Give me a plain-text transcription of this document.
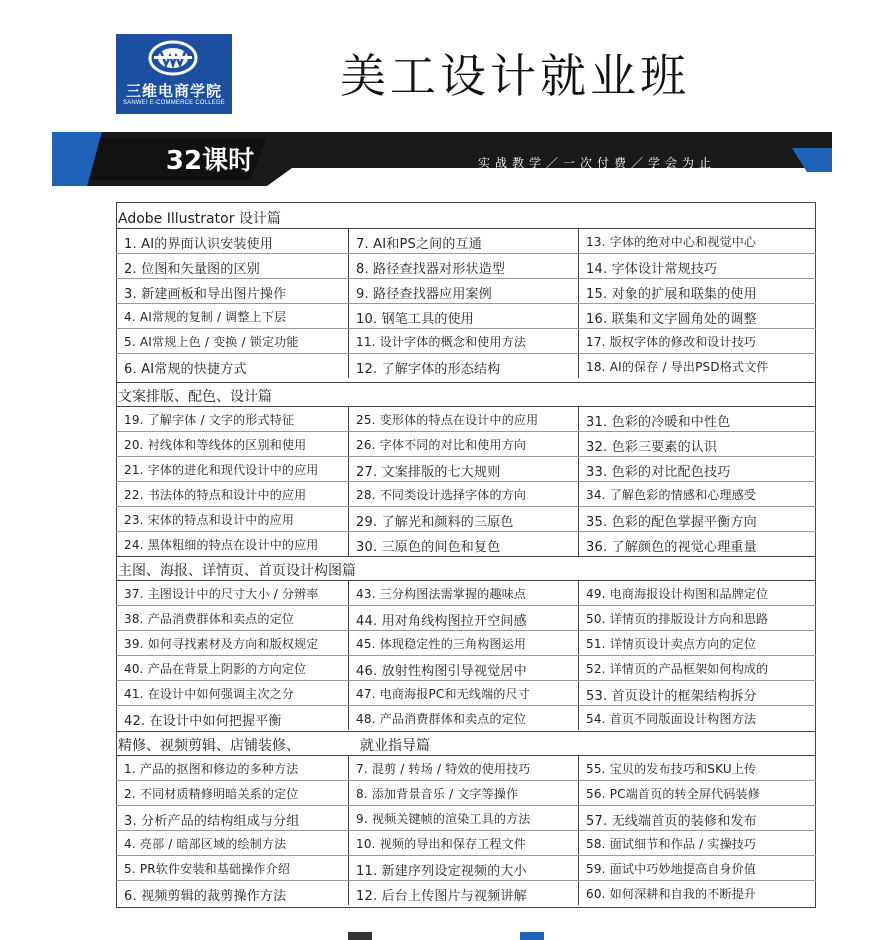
三维电商学院
SANWEI E-COMMERCE COLLEGE	美工设计就业班
32课时	实战教学／一次付费／学会为止
Adobe Illustrator 设计篇
1. AI的界面认识安装使用	7. AI和PS之间的互通	13. 字体的绝对中心和视觉中心
2. 位图和矢量图的区别	8. 路径查找器对形状造型	14. 字体设计常规技巧
3. 新建画板和导出图片操作	9. 路径查找器应用案例	15. 对象的扩展和联集的使用
4. AI常规的复制 / 调整上下层	10. 钢笔工具的使用	16. 联集和文字圆角处的调整
5. AI常规上色 / 变换 / 锁定功能	11. 设计字体的概念和使用方法	17. 版权字体的修改和设计技巧
6. AI常规的快捷方式	12. 了解字体的形态结构	18. AI的保存 / 导出PSD格式文件
文案排版、配色、设计篇
19. 了解字体 / 文字的形式特征	25. 变形体的特点在设计中的应用	31. 色彩的冷暖和中性色
20. 衬线体和等线体的区别和使用	26. 字体不同的对比和使用方向	32. 色彩三要素的认识
21. 字体的进化和现代设计中的应用	27. 文案排版的七大规则	33. 色彩的对比配色技巧
22. 书法体的特点和设计中的应用	28. 不同类设计选择字体的方向	34. 了解色彩的情感和心理感受
23. 宋体的特点和设计中的应用	29. 了解光和颜料的三原色	35. 色彩的配色掌握平衡方向
24. 黑体粗细的特点在设计中的应用	30. 三原色的间色和复色	36. 了解颜色的视觉心理重量
主图、海报、详情页、首页设计构图篇
37. 主图设计中的尺寸大小 / 分辨率	43. 三分构图法需掌握的趣味点	49. 电商海报设计构图和品牌定位
38. 产品消费群体和卖点的定位	44. 用对角线构图拉开空间感	50. 详情页的排版设计方向和思路
39. 如何寻找素材及方向和版权规定	45. 体现稳定性的三角构图运用	51. 详情页设计卖点方向的定位
40. 产品在背景上阴影的方向定位	46. 放射性构图引导视觉居中	52. 详情页的产品框架如何构成的
41. 在设计中如何强调主次之分	47. 电商海报PC和无线端的尺寸	53. 首页设计的框架结构拆分
42. 在设计中如何把握平衡	48. 产品消费群体和卖点的定位	54. 首页不同版面设计构图方法
精修、视频剪辑、店铺装修、	就业指导篇
1. 产品的抠图和修边的多种方法	7. 混剪 / 转场 / 特效的使用技巧	55. 宝贝的发布技巧和SKU上传
2. 不同材质精修明暗关系的定位	8. 添加背景音乐 / 文字等操作	56. PC端首页的转全屏代码装修
3. 分析产品的结构组成与分组	9. 视频关键帧的渲染工具的方法	57. 无线端首页的装修和发布
4. 亮部 / 暗部区域的绘制方法	10. 视频的导出和保存工程文件	58. 面试细节和作品 / 实操技巧
5. PR软件安装和基础操作介绍	11. 新建序列设定视频的大小	59. 面试中巧妙地提高自身价值
6. 视频剪辑的裁剪操作方法	12. 后台上传图片与视频讲解	60. 如何深耕和自我的不断提升
